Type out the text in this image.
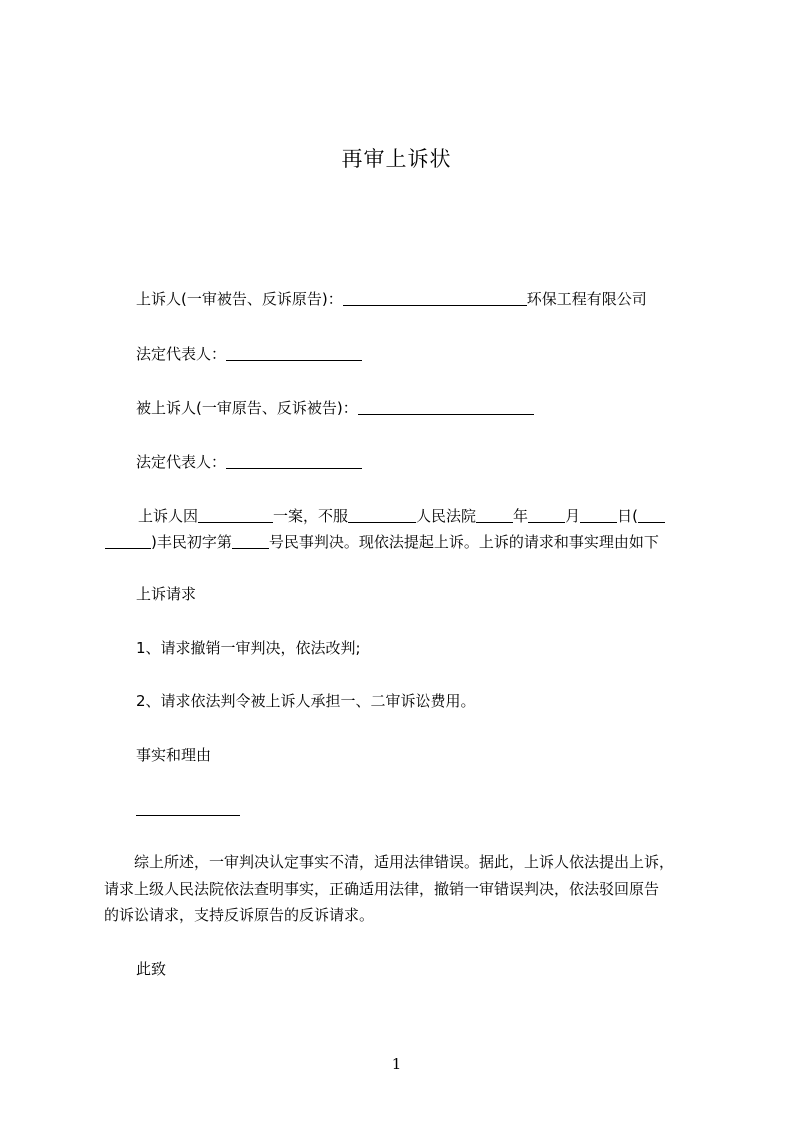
再审上诉状

上诉人(一审被告、反诉原告)：	环保工程有限公司

法定代表人：

被上诉人(一审原告、反诉被告)：

法定代表人：

上诉人因	一案，不服	人民法院 年 月 日(

)丰民初字第 号民事判决。现依法提起上诉。上诉的请求和事实理由如下

上诉请求

1、请求撤销一审判决，依法改判;

2、请求依法判令被上诉人承担一、二审诉讼费用。

事实和理由

综上所述，一审判决认定事实不清，适用法律错误。据此，上诉人依法提出上诉，

请求上级人民法院依法查明事实，正确适用法律，撤销一审错误判决，依法驳回原告

的诉讼请求，支持反诉原告的反诉请求。

此致

1
